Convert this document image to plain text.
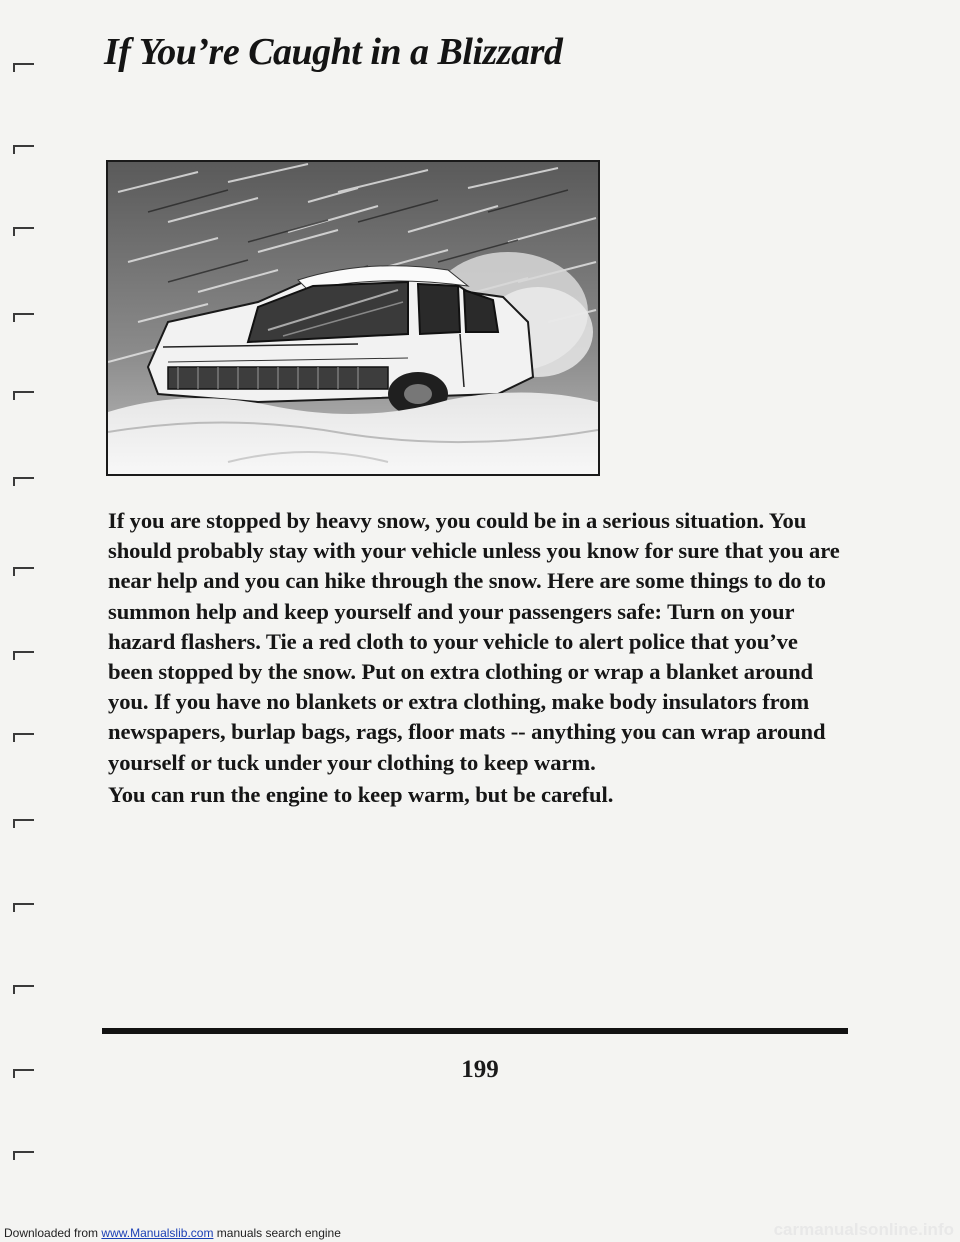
If You’re Caught in a Blizzard

If you are stopped by heavy snow, you could be in a serious situation. You should probably stay with your vehicle unless you know for sure that you are near help and you can hike through the snow. Here are some things to do to summon help and keep yourself and your passengers safe: Turn on your hazard flashers. Tie a red cloth to your vehicle to alert police that you’ve been stopped by the snow. Put on extra clothing or wrap a blanket around you. If you have no blankets or extra clothing, make body insulators from newspapers, burlap bags, rags, floor mats -- anything you can wrap around yourself or tuck under your clothing to keep warm.

You can run the engine to keep warm, but be careful.

199
Downloaded from www.Manualslib.com manuals search engine	carmanualsonline.info
